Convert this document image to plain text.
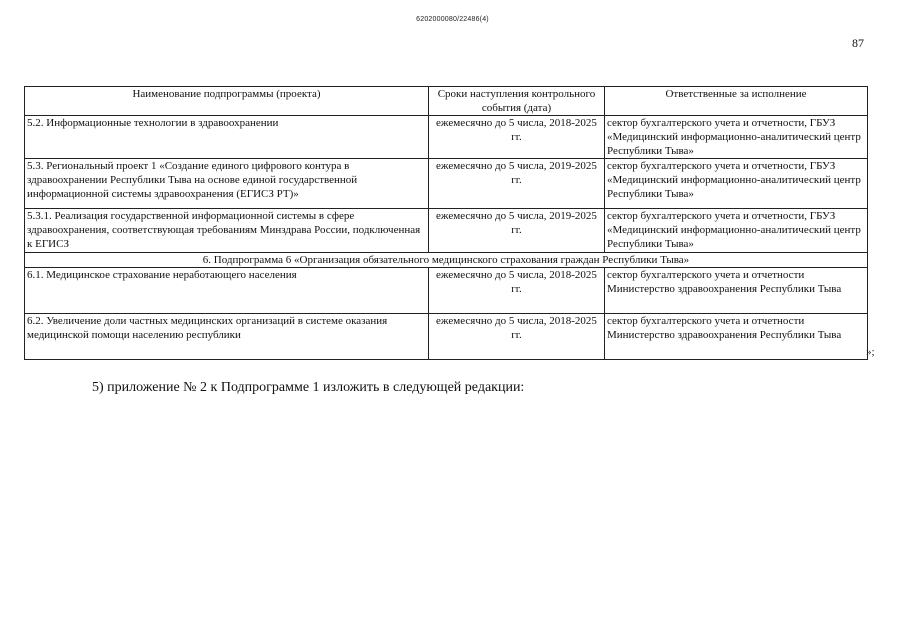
6202000080/22486(4)
87
Наименование подпрограммы (проекта)	Сроки наступления контрольного события (дата)	Ответственные за исполнение
5.2. Информационные технологии в здравоохранении	ежемесячно до 5 числа, 2018-2025 гг.	сектор бухгалтерского учета и отчетности, ГБУЗ «Медицинский информационно-аналитический центр Республики Тыва»
5.3. Региональный проект 1 «Создание единого цифрового контура в здравоохранении Республики Тыва на основе единой государственной информационной системы здравоохранения (ЕГИСЗ РТ)»	ежемесячно до 5 числа, 2019-2025 гг.	сектор бухгалтерского учета и отчетности, ГБУЗ «Медицинский информационно-аналитический центр Республики Тыва»
5.3.1. Реализация государственной информационной системы в сфере здравоохранения, соответствующая требованиям Минздрава России, подключенная к ЕГИСЗ	ежемесячно до 5 числа, 2019-2025 гг.	сектор бухгалтерского учета и отчетности, ГБУЗ «Медицинский информационно-аналитический центр Республики Тыва»
6. Подпрограмма 6 «Организация обязательного медицинского страхования граждан Республики Тыва»		
6.1. Медицинское страхование неработающего населения	ежемесячно до 5 числа, 2018-2025 гг.	сектор бухгалтерского учета и отчетности Министерство здравоохранения Республики Тыва
6.2. Увеличение доли частных медицинских организаций в системе оказания медицинской помощи населению республики	ежемесячно до 5 числа, 2018-2025 гг.	сектор бухгалтерского учета и отчетности Министерство здравоохранения Республики Тыва
»;
5) приложение № 2 к Подпрограмме 1 изложить в следующей редакции:
